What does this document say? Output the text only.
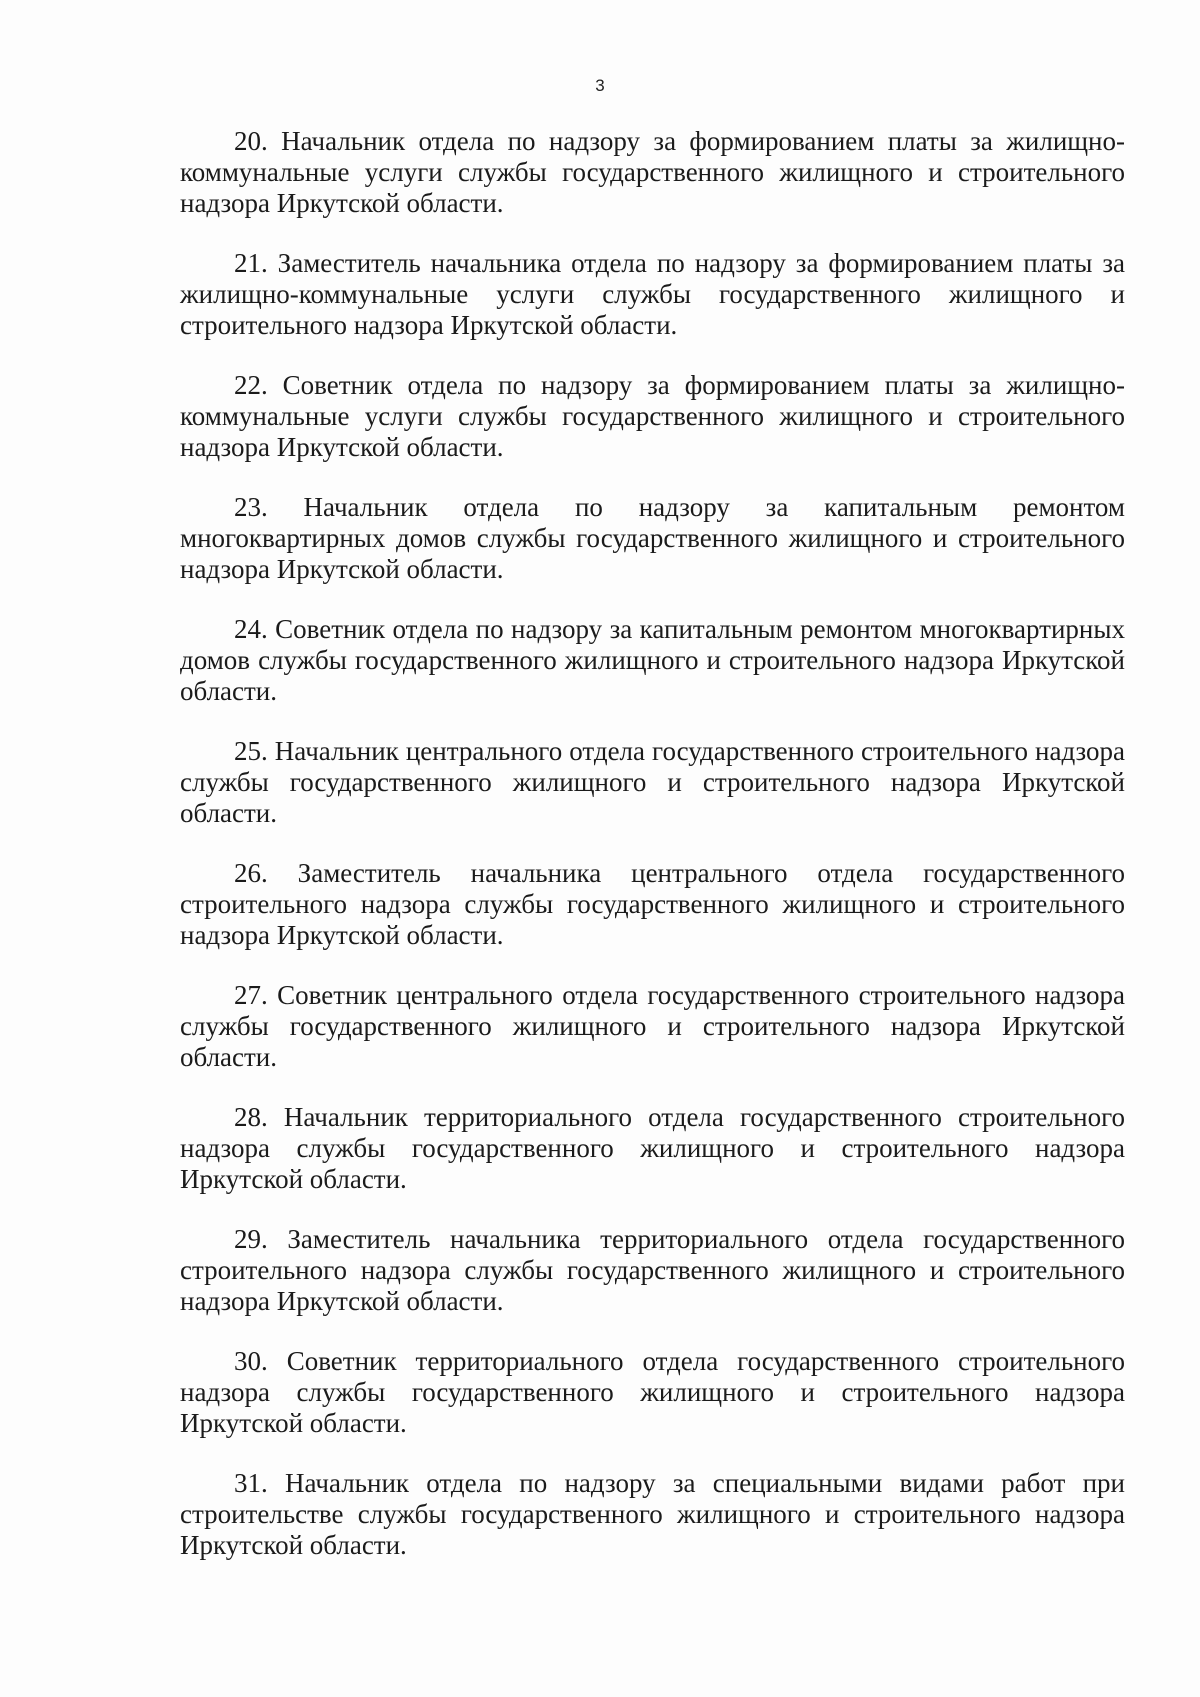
3

20. Начальник отдела по надзору за формированием платы за жилищно-коммунальные услуги службы государственного жилищного и строительного надзора Иркутской области.

21. Заместитель начальника отдела по надзору за формированием платы за жилищно-коммунальные услуги службы государственного жилищного и строительного надзора Иркутской области.

22. Советник отдела по надзору за формированием платы за жилищно-коммунальные услуги службы государственного жилищного и строительного надзора Иркутской области.

23. Начальник отдела по надзору за капитальным ремонтом многоквартирных домов службы государственного жилищного и строительного надзора Иркутской области.

24. Советник отдела по надзору за капитальным ремонтом многоквартирных домов службы государственного жилищного и строительного надзора Иркутской области.

25. Начальник центрального отдела государственного строительного надзора службы государственного жилищного и строительного надзора Иркутской области.

26. Заместитель начальника центрального отдела государственного строительного надзора службы государственного жилищного и строительного надзора Иркутской области.

27. Советник центрального отдела государственного строительного надзора службы государственного жилищного и строительного надзора Иркутской области.

28. Начальник территориального отдела государственного строительного надзора службы государственного жилищного и строительного надзора Иркутской области.

29. Заместитель начальника территориального отдела государственного строительного надзора службы государственного жилищного и строительного надзора Иркутской области.

30. Советник территориального отдела государственного строительного надзора службы государственного жилищного и строительного надзора Иркутской области.

31. Начальник отдела по надзору за специальными видами работ при строительстве службы государственного жилищного и строительного надзора Иркутской области.
